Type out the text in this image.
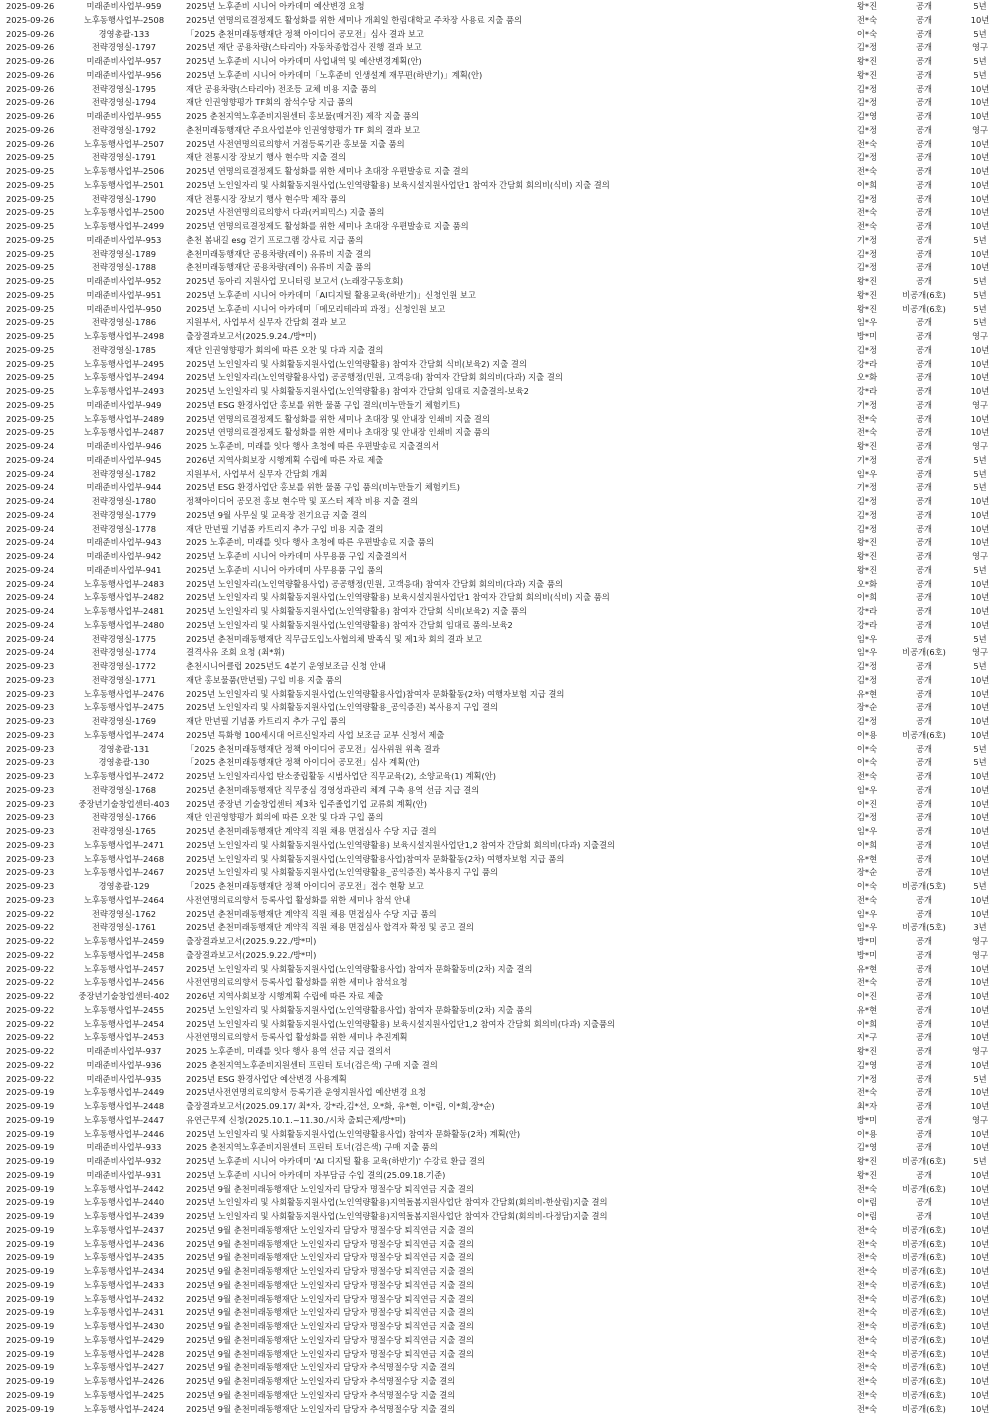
2025-09-26	미래준비사업부-959	2025년 노후준비 시니어 아카데미 예산변경 요청	왕*진	공개	5년
2025-09-26	노후동행사업부-2508	2025년 연명의료결정제도 활성화를 위한 세미나 개최일 한림대학교 주차장 사용료 지출 품의	전*숙	공개	10년
2025-09-26	경영총괄-133	「2025 춘천미래동행재단 정책 아이디어 공모전」심사 결과 보고	이*숙	공개	5년
2025-09-26	전략경영실-1797	2025년 재단 공용차량(스타리아) 자동차종합검사 진행 결과 보고	김*정	공개	영구
2025-09-26	미래준비사업부-957	2025년 노후준비 시니어 아카데미 사업내역 및 예산변경계획(안)	왕*진	공개	5년
2025-09-26	미래준비사업부-956	2025년 노후준비 시니어 아카데미「노후준비 인생설계 재무편(하반기)」계획(안)	왕*진	공개	5년
2025-09-26	전략경영실-1795	재단 공용차량(스타리아) 전조등 교체 비용 지출 품의	김*정	공개	10년
2025-09-26	전략경영실-1794	재단 인권영향평가 TF회의 참석수당 지급 품의	김*정	공개	10년
2025-09-26	미래준비사업부-955	2025 춘천지역노후준비지원센터 홍보물(매거진) 제작 지출 품의	김*영	공개	10년
2025-09-26	전략경영실-1792	춘천미래동행재단 주요사업분야 인권영향평가 TF 회의 결과 보고	김*정	공개	영구
2025-09-26	노후동행사업부-2507	2025년 사전연명의료의향서 거점등록기관 홍보물 지출 품의	전*숙	공개	10년
2025-09-25	전략경영실-1791	재단 전통시장 장보기 행사 현수막 지출 결의	김*정	공개	10년
2025-09-25	노후동행사업부-2506	2025년 연명의료결정제도 활성화를 위한 세미나 초대장 우편발송료 지출 결의	전*숙	공개	10년
2025-09-25	노후동행사업부-2501	2025년 노인일자리 및 사회활동지원사업(노인역량활용) 보육시설지원사업단1 참여자 간담회 회의비(식비) 지출 결의	이*희	공개	10년
2025-09-25	전략경영실-1790	재단 전통시장 장보기 행사 현수막 제작 품의	김*정	공개	10년
2025-09-25	노후동행사업부-2500	2025년 사전연명의료의향서 다과(커피믹스) 지출 품의	전*숙	공개	10년
2025-09-25	노후동행사업부-2499	2025년 연명의료결정제도 활성화를 위한 세미나 초대장 우편발송료 지출 품의	전*숙	공개	10년
2025-09-25	미래준비사업부-953	춘천 봄내길 esg 걷기 프로그램 강사료 지급 품의	기*정	공개	5년
2025-09-25	전략경영실-1789	춘천미래동행재단 공용차량(레이) 유류비 지출 결의	김*정	공개	10년
2025-09-25	전략경영실-1788	춘천미래동행재단 공용차량(레이) 유류비 지출 품의	김*정	공개	10년
2025-09-25	미래준비사업부-952	2025년 동아리 지원사업 모니터링 보고서 (노래장구동호회)	왕*진	공개	5년
2025-09-25	미래준비사업부-951	2025년 노후준비 시니어 아카데미「AI디지털 활용교육(하반기)」신청인원 보고	왕*진	비공개(6호)	5년
2025-09-25	미래준비사업부-950	2025년 노후준비 시니어 아카데미「메모리테라피 과정」신청인원 보고	왕*진	비공개(6호)	5년
2025-09-25	전략경영실-1786	지원부서, 사업부서 실무자 간담회 결과 보고	임*우	공개	5년
2025-09-25	노후동행사업부-2498	출장결과보고서(2025.9.24./방*미)	방*미	공개	영구
2025-09-25	전략경영실-1785	재단 인권영향평가 회의에 따른 오찬 및 다과 지출 결의	김*정	공개	10년
2025-09-25	노후동행사업부-2495	2025년 노인일자리 및 사회활동지원사업(노인역량활용) 참여자 간담회 식비(보육2) 지출 결의	강*라	공개	10년
2025-09-25	노후동행사업부-2494	2025년 노인일자리(노인역량활용사업) 공공행정(민원, 고객응대) 참여자 간담회 회의비(다과) 지출 결의	오*화	공개	10년
2025-09-25	노후동행사업부-2493	2025년 노인일자리 및 사회활동지원사업(노인역량활용) 참여자 간담회 임대료 지출결의-보육2	강*라	공개	10년
2025-09-25	미래준비사업부-949	2025년 ESG 환경사업단 홍보를 위한 물품 구입 결의(비누만들기 체험키트)	기*정	공개	영구
2025-09-25	노후동행사업부-2489	2025년 연명의료결정제도 활성화를 위한 세미나 초대장 및 안내장 인쇄비 지출 결의	전*숙	공개	10년
2025-09-25	노후동행사업부-2487	2025년 연명의료결정제도 활성화를 위한 세미나 초대장 및 안내장 인쇄비 지출 품의	전*숙	공개	10년
2025-09-24	미래준비사업부-946	2025 노후준비, 미래를 잇다 행사 초청에 따른 우편발송료 지출결의서	왕*진	공개	영구
2025-09-24	미래준비사업부-945	2026년 지역사회보장 시행계획 수립에 따른 자료 제출	기*정	공개	5년
2025-09-24	전략경영실-1782	지원부서, 사업부서 실무자 간담회 개최	임*우	공개	5년
2025-09-24	미래준비사업부-944	2025년 ESG 환경사업단 홍보를 위한 물품 구입 품의(비누만들기 체험키트)	기*정	공개	5년
2025-09-24	전략경영실-1780	정책아이디어 공모전 홍보 현수막 및 포스터 제작 비용 지출 결의	김*정	공개	10년
2025-09-24	전략경영실-1779	2025년 9월 사무실 및 교육장 전기요금 지출 결의	김*정	공개	10년
2025-09-24	전략경영실-1778	재단 만년필 기념품 카트리지 추가 구입 비용 지출 결의	김*정	공개	10년
2025-09-24	미래준비사업부-943	2025 노후준비, 미래를 잇다 행사 초청에 따른 우편발송료 지출 품의	왕*진	공개	10년
2025-09-24	미래준비사업부-942	2025년 노후준비 시니어 아카데미 사무용품 구입 지출결의서	왕*진	공개	영구
2025-09-24	미래준비사업부-941	2025년 노후준비 시니어 아카데미 사무용품 구입 품의	왕*진	공개	5년
2025-09-24	노후동행사업부-2483	2025년 노인일자리(노인역량활용사업) 공공행정(민원, 고객응대) 참여자 간담회 회의비(다과) 지출 품의	오*화	공개	10년
2025-09-24	노후동행사업부-2482	2025년 노인일자리 및 사회활동지원사업(노인역량활용) 보육시설지원사업단1 참여자 간담회 회의비(식비) 지출 품의	이*희	공개	10년
2025-09-24	노후동행사업부-2481	2025년 노인일자리 및 사회활동지원사업(노인역량활용) 참여자 간담회 식비(보육2) 지출 품의	강*라	공개	10년
2025-09-24	노후동행사업부-2480	2025년 노인일자리 및 사회활동지원사업(노인역량활용) 참여자 간담회 임대료 품의-보육2	강*라	공개	10년
2025-09-24	전략경영실-1775	2025년 춘천미래동행재단 직무급도입노사협의체 발족식 및 제1차 회의 결과 보고	임*우	공개	5년
2025-09-24	전략경영실-1774	결격사유 조회 요청 (최*휘)	임*우	비공개(6호)	영구
2025-09-23	전략경영실-1772	춘천시니어클럽 2025년도 4분기 운영보조금 신청 안내	김*정	공개	5년
2025-09-23	전략경영실-1771	재단 홍보물품(만년필) 구입 비용 지출 품의	김*정	공개	10년
2025-09-23	노후동행사업부-2476	2025년 노인일자리 및 사회활동지원사업(노인역량활용사업)참여자 문화활동(2차) 여행자보험 지급 결의	유*현	공개	10년
2025-09-23	노후동행사업부-2475	2025년 노인일자리 및 사회활동지원사업(노인역량활용_공익증진) 복사용지 구입 결의	장*순	공개	10년
2025-09-23	전략경영실-1769	재단 만년필 기념품 카트리지 추가 구입 품의	김*정	공개	10년
2025-09-23	노후동행사업부-2474	2025년 특화형 100세시대 어르신일자리 사업 보조금 교부 신청서 제출	이*용	비공개(6호)	10년
2025-09-23	경영총괄-131	「2025 춘천미래동행재단 정책 아이디어 공모전」심사위원 위촉 결과	이*숙	공개	5년
2025-09-23	경영총괄-130	「2025 춘천미래동행재단 정책 아이디어 공모전」심사 계획(안)	이*숙	공개	5년
2025-09-23	노후동행사업부-2472	2025년 노인일자리사업 탄소중립활동 시범사업단 직무교육(2), 소양교육(1) 계획(안)	전*숙	공개	10년
2025-09-23	전략경영실-1768	2025년 춘천미래동행재단 직무중심 경영성과관리 체계 구축 용역 선금 지급 결의	임*우	공개	10년
2025-09-23	중장년기술창업센터-403	2025년 중장년 기술창업센터 제3차 입주졸업기업 교류회 계획(안)	이*진	공개	10년
2025-09-23	전략경영실-1766	재단 인권영향평가 회의에 따른 오찬 및 다과 구입 품의	김*정	공개	10년
2025-09-23	전략경영실-1765	2025년 춘천미래동행재단 계약직 직원 채용 면접심사 수당 지급 결의	임*우	공개	10년
2025-09-23	노후동행사업부-2471	2025년 노인일자리 및 사회활동지원사업(노인역량활용) 보육시설지원사업단1,2 참여자 간담회 회의비(다과) 지출결의	이*희	공개	10년
2025-09-23	노후동행사업부-2468	2025년 노인일자리 및 사회활동지원사업(노인역량활용사업)참여자 문화활동(2차) 여행자보험 지급 품의	유*현	공개	10년
2025-09-23	노후동행사업부-2467	2025년 노인일자리 및 사회활동지원사업(노인역량활용_공익증진) 복사용지 구입 품의	장*순	공개	10년
2025-09-23	경영총괄-129	「2025 춘천미래동행재단 정책 아이디어 공모전」접수 현황 보고	이*숙	비공개(5호)	5년
2025-09-23	노후동행사업부-2464	사전연명의료의향서 등록사업 활성화를 위한 세미나 참석 안내	전*숙	공개	10년
2025-09-22	전략경영실-1762	2025년 춘천미래동행재단 계약직 직원 채용 면접심사 수당 지급 품의	임*우	공개	10년
2025-09-22	전략경영실-1761	2025년 춘천미래동행재단 계약직 직원 채용 면접심사 합격자 확정 및 공고 결의	임*우	비공개(5호)	3년
2025-09-22	노후동행사업부-2459	출장결과보고서(2025.9.22./방*미)	방*미	공개	영구
2025-09-22	노후동행사업부-2458	출장결과보고서(2025.9.22./방*미)	방*미	공개	영구
2025-09-22	노후동행사업부-2457	2025년 노인일자리 및 사회활동지원사업(노인역량활용사업) 참여자 문화활동비(2차) 지출 결의	유*현	공개	10년
2025-09-22	노후동행사업부-2456	사전연명의료의향서 등록사업 활성화를 위한 세미나 참석요청	전*숙	공개	10년
2025-09-22	중장년기술창업센터-402	2026년 지역사회보장 시행계획 수립에 따른 자료 제출	이*진	공개	10년
2025-09-22	노후동행사업부-2455	2025년 노인일자리 및 사회활동지원사업(노인역량활용사업) 참여자 문화활동비(2차) 지출 품의	유*현	공개	10년
2025-09-22	노후동행사업부-2454	2025년 노인일자리 및 사회활동지원사업(노인역량활용) 보육시설지원사업단1,2 참여자 간담회 회의비(다과) 지출품의	이*희	공개	10년
2025-09-22	노후동행사업부-2453	사전연명의료의향서 등록사업 활성화를 위한 세미나 추진계획	지*구	공개	10년
2025-09-22	미래준비사업부-937	2025 노후준비, 미래를 잇다 행사 용역 선금 지급 결의서	왕*진	공개	영구
2025-09-22	미래준비사업부-936	2025 춘천지역노후준비지원센터 프린터 토너(검은색) 구매 지출 결의	김*영	공개	10년
2025-09-22	미래준비사업부-935	2025년 ESG 환경사업단 예산변경 사용계획	기*정	공개	5년
2025-09-19	노후동행사업부-2449	2025년사전연명의료의향서 등록기관 운영지원사업 예산변경 요청	전*숙	공개	10년
2025-09-19	노후동행사업부-2448	출장결과보고서(2025.09.17/ 최*자, 강*라,김*선, 오*화, 유*현, 이*림, 이*희,장*순)	최*자	공개	10년
2025-09-19	노후동행사업부-2447	유연근무제 신청(2025.10.1.~11.30./시차 출퇴근제/방*미)	방*미	공개	영구
2025-09-19	노후동행사업부-2446	2025년 노인일자리 및 사회활동지원사업(노인역량활용사업) 참여자 문화활동(2차) 계획(안)	이*용	공개	10년
2025-09-19	미래준비사업부-933	2025 춘천지역노후준비지원센터 프린터 토너(검은색) 구매 지출 품의	김*영	공개	10년
2025-09-19	미래준비사업부-932	2025년 노후준비 시니어 아카데미 'AI 디지털 활용 교육(하반기)' 수강료 환급 결의	왕*진	비공개(6호)	5년
2025-09-19	미래준비사업부-931	2025년 노후준비 시니어 아카데미 자부담금 수입 결의(25.09.18.기준)	왕*진	공개	10년
2025-09-19	노후동행사업부-2442	2025년 9월 춘천미래동행재단 노인일자리 담당자 명절수당 퇴직연금 지출 결의	전*숙	비공개(6호)	10년
2025-09-19	노후동행사업부-2440	2025년 노인일자리 및 사회활동지원사업(노인역량활용)지역돌봄지원사업단 참여자 간담회(회의비-한살림)지출 결의	이*림	공개	10년
2025-09-19	노후동행사업부-2439	2025년 노인일자리 및 사회활동지원사업(노인역량활용)지역돌봄지원사업단 참여자 간담회(회의비-다정담)지출 결의	이*림	공개	10년
2025-09-19	노후동행사업부-2437	2025년 9월 춘천미래동행재단 노인일자리 담당자 명절수당 퇴직연금 지출 결의	전*숙	비공개(6호)	10년
2025-09-19	노후동행사업부-2436	2025년 9월 춘천미래동행재단 노인일자리 담당자 명절수당 퇴직연금 지출 결의	전*숙	비공개(6호)	10년
2025-09-19	노후동행사업부-2435	2025년 9월 춘천미래동행재단 노인일자리 담당자 명절수당 퇴직연금 지출 결의	전*숙	비공개(6호)	10년
2025-09-19	노후동행사업부-2434	2025년 9월 춘천미래동행재단 노인일자리 담당자 명절수당 퇴직연금 지출 결의	전*숙	비공개(6호)	10년
2025-09-19	노후동행사업부-2433	2025년 9월 춘천미래동행재단 노인일자리 담당자 명절수당 퇴직연금 지출 결의	전*숙	비공개(6호)	10년
2025-09-19	노후동행사업부-2432	2025년 9월 춘천미래동행재단 노인일자리 담당자 명절수당 퇴직연금 지출 결의	전*숙	비공개(6호)	10년
2025-09-19	노후동행사업부-2431	2025년 9월 춘천미래동행재단 노인일자리 담당자 명절수당 퇴직연금 지출 결의	전*숙	비공개(6호)	10년
2025-09-19	노후동행사업부-2430	2025년 9월 춘천미래동행재단 노인일자리 담당자 명절수당 퇴직연금 지출 결의	전*숙	비공개(6호)	10년
2025-09-19	노후동행사업부-2429	2025년 9월 춘천미래동행재단 노인일자리 담당자 명절수당 퇴직연금 지출 결의	전*숙	비공개(6호)	10년
2025-09-19	노후동행사업부-2428	2025년 9월 춘천미래동행재단 노인일자리 담당자 명절수당 퇴직연금 지출 결의	전*숙	비공개(6호)	10년
2025-09-19	노후동행사업부-2427	2025년 9월 춘천미래동행재단 노인일자리 담당자 추석명절수당 지출 결의	전*숙	비공개(6호)	10년
2025-09-19	노후동행사업부-2426	2025년 9월 춘천미래동행재단 노인일자리 담당자 추석명절수당 지출 결의	전*숙	비공개(6호)	10년
2025-09-19	노후동행사업부-2425	2025년 9월 춘천미래동행재단 노인일자리 담당자 추석명절수당 지출 결의	전*숙	비공개(6호)	10년
2025-09-19	노후동행사업부-2424	2025년 9월 춘천미래동행재단 노인일자리 담당자 추석명절수당 지출 결의	전*숙	비공개(6호)	10년
